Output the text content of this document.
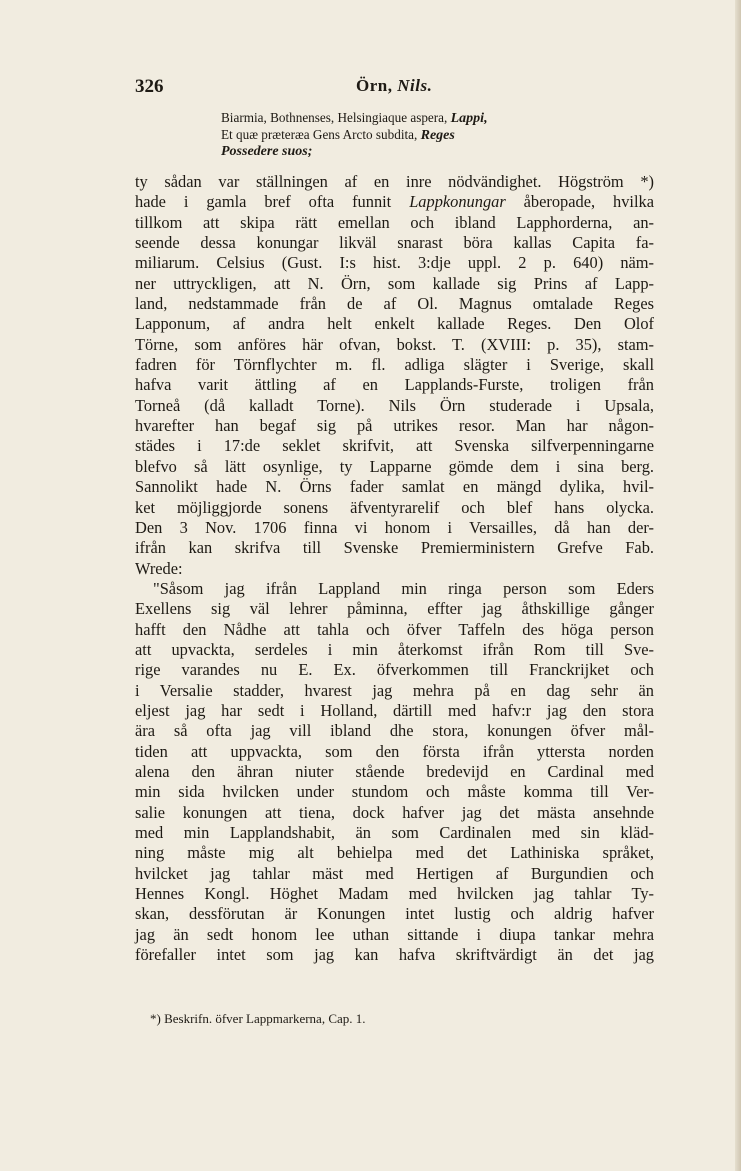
326	Örn, Nils.
Biarmia, Bothnenses, Helsingiaque aspera, Lappi,
Et quæ præteræa Gens Arcto subdita, Reges
Possedere suos;
ty sådan var ställningen af en inre nödvändighet. Högström *)
hade i gamla bref ofta funnit Lappkonungar åberopade, hvilka
tillkom att skipa rätt emellan och ibland Lapphorderna, an-
seende dessa konungar likväl snarast böra kallas Capita fa-
miliarum. Celsius (Gust. I:s hist. 3:dje uppl. 2 p. 640) näm-
ner uttryckligen, att N. Örn, som kallade sig Prins af Lapp-
land, nedstammade från de af Ol. Magnus omtalade Reges
Lapponum, af andra helt enkelt kallade Reges. Den Olof
Törne, som anföres här ofvan, bokst. T. (XVIII: p. 35), stam-
fadren för Törnflychter m. fl. adliga slägter i Sverige, skall
hafva varit ättling af en Lapplands-Furste, troligen från
Torneå (då kalladt Torne). Nils Örn studerade i Upsala,
hvarefter han begaf sig på utrikes resor. Man har någon-
städes i 17:de seklet skrifvit, att Svenska silfverpenningarne
blefvo så lätt osynlige, ty Lapparne gömde dem i sina berg.
Sannolikt hade N. Örns fader samlat en mängd dylika, hvil-
ket möjliggjorde sonens äfventyrarelif och blef hans olycka.
Den 3 Nov. 1706 finna vi honom i Versailles, då han der-
ifrån kan skrifva till Svenske Premierministern Grefve Fab.
Wrede:
"Såsom jag ifrån Lappland min ringa person som Eders
Exellens sig väl lehrer påminna, effter jag åthskillige gånger
hafft den Nådhe att tahla och öfver Taffeln des höga person
att upvackta, serdeles i min återkomst ifrån Rom till Sve-
rige varandes nu E. Ex. öfverkommen till Franckrijket och
i Versalie stadder, hvarest jag mehra på en dag sehr än
eljest jag har sedt i Holland, därtill med hafv:r jag den stora
ära så ofta jag vill ibland dhe stora, konungen öfver mål-
tiden att uppvackta, som den första ifrån yttersta norden
alena den ähran niuter stående bredevijd en Cardinal med
min sida hvilcken under stundom och måste komma till Ver-
salie konungen att tiena, dock hafver jag det mästa ansehnde
med min Lapplandshabit, än som Cardinalen med sin kläd-
ning måste mig alt behielpa med det Lathiniska språket,
hvilcket jag tahlar mäst med Hertigen af Burgundien och
Hennes Kongl. Höghet Madam med hvilcken jag tahlar Ty-
skan, dessförutan är Konungen intet lustig och aldrig hafver
jag än sedt honom lee uthan sittande i diupa tankar mehra
förefaller intet som jag kan hafva skriftvärdigt än det jag
*) Beskrifn. öfver Lappmarkerna, Cap. 1.
